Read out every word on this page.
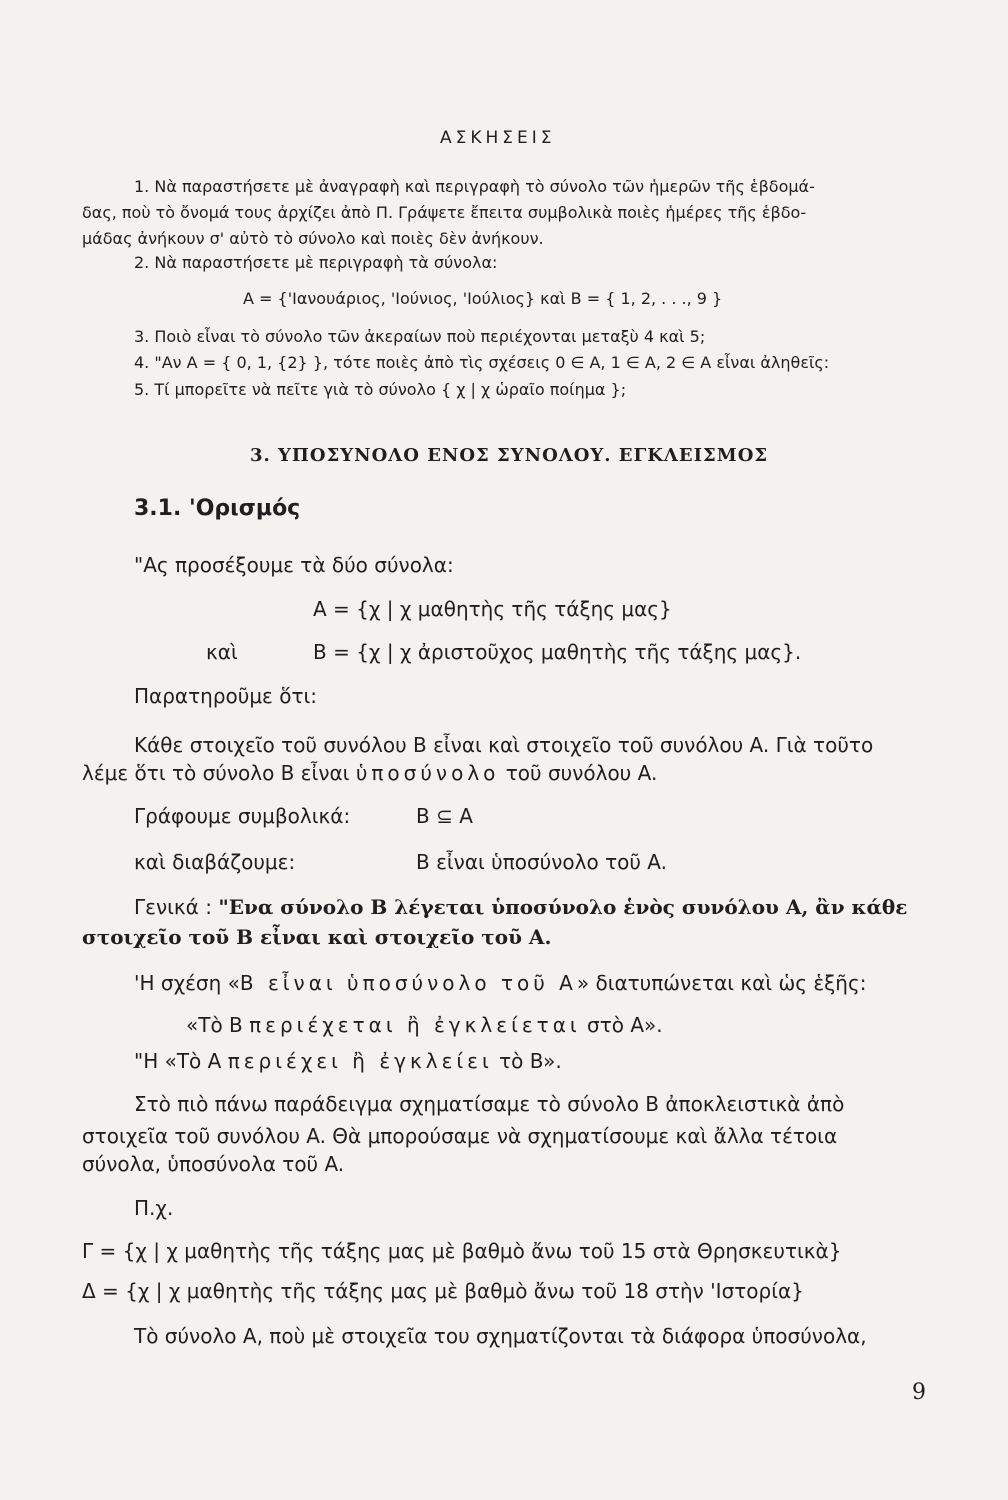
ΑΣΚΗΣΕΙΣ
1. Νὰ παραστήσετε μὲ ἀναγραφὴ καὶ περιγραφὴ τὸ σύνολο τῶν ἡμερῶν τῆς ἑβδομά-
δας, ποὺ τὸ ὄνομά τους ἀρχίζει ἀπὸ Π. Γράψετε ἔπειτα συμβολικὰ ποιὲς ἡμέρες τῆς ἑβδο-
μάδας ἀνήκουν σ' αὐτὸ τὸ σύνολο καὶ ποιὲς δὲν ἀνήκουν.
2. Νὰ παραστήσετε μὲ περιγραφὴ τὰ σύνολα:
A = {'Ιανουάριος, 'Ιούνιος, 'Ιούλιος} καὶ B = { 1, 2, . . ., 9 }
3. Ποιὸ εἶναι τὸ σύνολο τῶν ἀκεραίων ποὺ περιέχονται μεταξὺ 4 καὶ 5;
4. "Αν A = { 0, 1, {2} }, τότε ποιὲς ἀπὸ τὶς σχέσεις 0 ∈ A, 1 ∈ A, 2 ∈ A εἶναι ἀληθεῖς:
5. Τί μπορεῖτε νὰ πεῖτε γιὰ τὸ σύνολο { χ | χ ὡραῖο ποίημα };
3. ΥΠΟΣΥΝΟΛΟ ΕΝΟΣ ΣΥΝΟΛΟΥ. ΕΓΚΛΕΙΣΜΟΣ
3.1. 'Ορισμός
"Ας προσέξουμε τὰ δύο σύνολα:
A = {χ | χ μαθητὴς τῆς τάξης μας}
καὶ	B = {χ | χ ἀριστοῦχος μαθητὴς τῆς τάξης μας}.
Παρατηροῦμε ὅτι:
Κάθε στοιχεῖο τοῦ συνόλου B εἶναι καὶ στοιχεῖο τοῦ συνόλου A. Γιὰ τοῦτο
λέμε ὅτι τὸ σύνολο B εἶναι ὑποσύνολο τοῦ συνόλου A.
Γράφουμε συμβολικά:	B ⊆ A
καὶ διαβάζουμε:	B εἶναι ὑποσύνολο τοῦ A.
Γενικά : "Ενα σύνολο B λέγεται ὑποσύνολο ἑνὸς συνόλου A, ἂν κάθε
στοιχεῖο τοῦ B εἶναι καὶ στοιχεῖο τοῦ A.
'Η σχέση «B εἶναι ὑποσύνολο τοῦ A» διατυπώνεται καὶ ὡς ἑξῆς:
«Τὸ B περιέχεται ἢ ἐγκλείεται στὸ A».
"Η «Τὸ A περιέχει ἢ ἐγκλείει τὸ B».
Στὸ πιὸ πάνω παράδειγμα σχηματίσαμε τὸ σύνολο B ἀποκλειστικὰ ἀπὸ
στοιχεῖα τοῦ συνόλου A. Θὰ μπορούσαμε νὰ σχηματίσουμε καὶ ἄλλα τέτοια
σύνολα, ὑποσύνολα τοῦ A.
Π.χ.
Γ = {χ | χ μαθητὴς τῆς τάξης μας μὲ βαθμὸ ἄνω τοῦ 15 στὰ Θρησκευτικὰ}
Δ = {χ | χ μαθητὴς τῆς τάξης μας μὲ βαθμὸ ἄνω τοῦ 18 στὴν 'Ιστορία}
Τὸ σύνολο A, ποὺ μὲ στοιχεῖα του σχηματίζονται τὰ διάφορα ὑποσύνολα,
9
